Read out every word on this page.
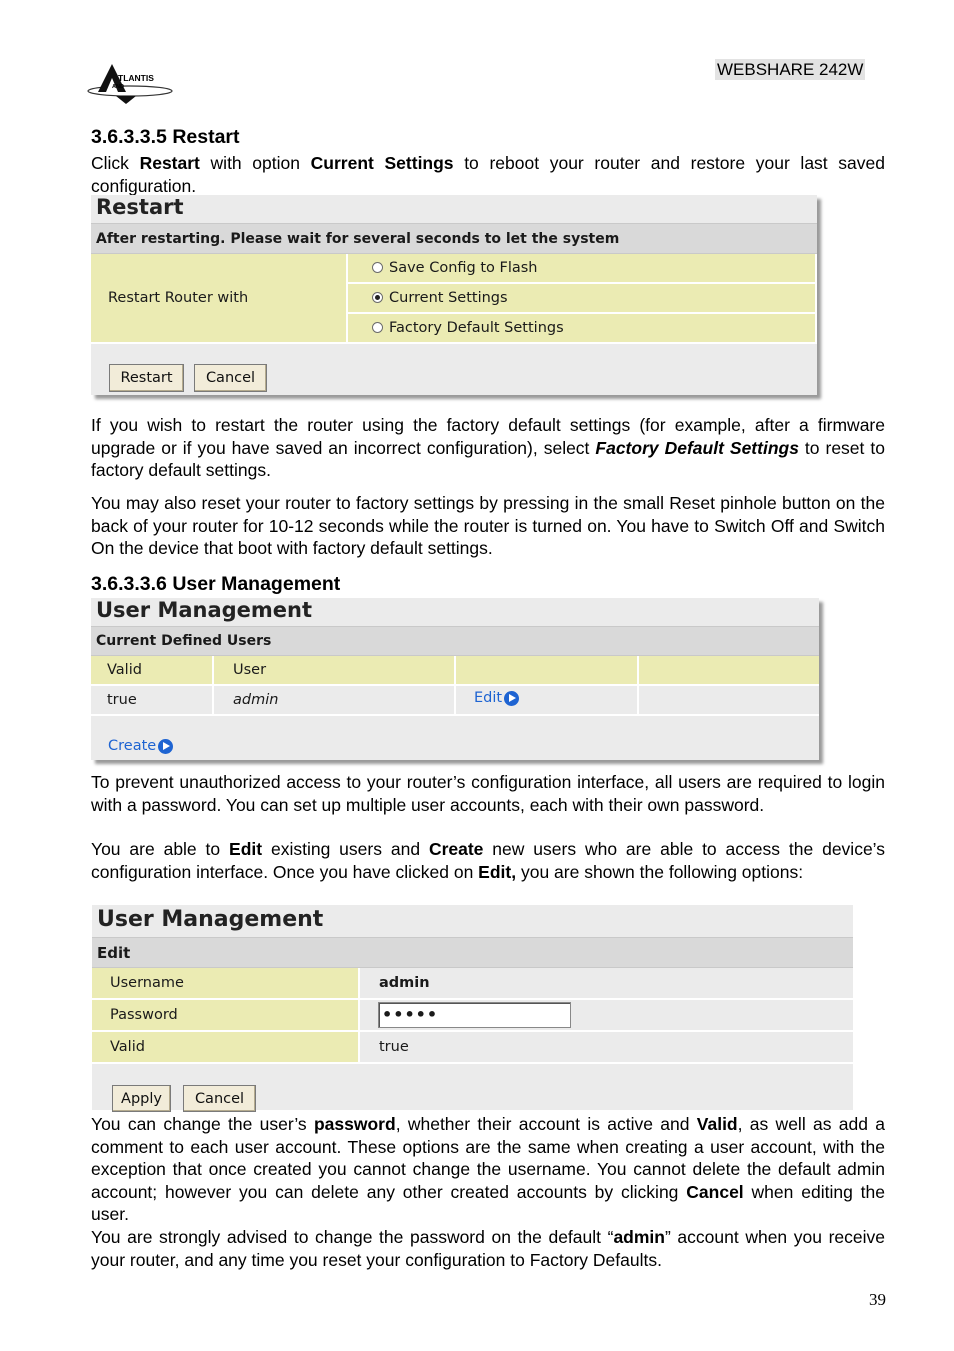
TLANTIS
AND
WEBSHARE 242W
3.6.3.3.5 Restart

Click Restart with option Current Settings to reboot your router and restore your last saved configuration.

Restart
After restarting. Please wait for several seconds to let the system
Restart Router with
Save Config to Flash
Current Settings
Factory Default Settings
Restart	Cancel

If you wish to restart the router using the factory default settings (for example, after a firmware upgrade or if you have saved an incorrect configuration), select Factory Default Settings to reset to factory default settings.

You may also reset your router to factory settings by pressing in the small Reset pinhole button on the back of your router for 10-12 seconds while the router is turned on. You have to Switch Off and Switch On the device that boot with factory default settings.

3.6.3.3.6 User Management
User Management
Current Defined Users
Valid	User
true	admin	Edit
Create

To prevent unauthorized access to your router’s configuration interface, all users are required to login with a password. You can set up multiple user accounts, each with their own password.

You are able to Edit existing users and Create new users who are able to access the device’s configuration interface. Once you have clicked on Edit, you are shown the following options:

User Management
Edit
Username	admin
Password	•••••
Valid	true
Apply	Cancel

You can change the user’s password, whether their account is active and Valid, as well as add a comment to each user account. These options are the same when creating a user account, with the exception that once created you cannot change the username. You cannot delete the default admin account; however you can delete any other created accounts by clicking Cancel when editing the user.

You are strongly advised to change the password on the default “admin” account when you receive your router, and any time you reset your configuration to Factory Defaults.

39
